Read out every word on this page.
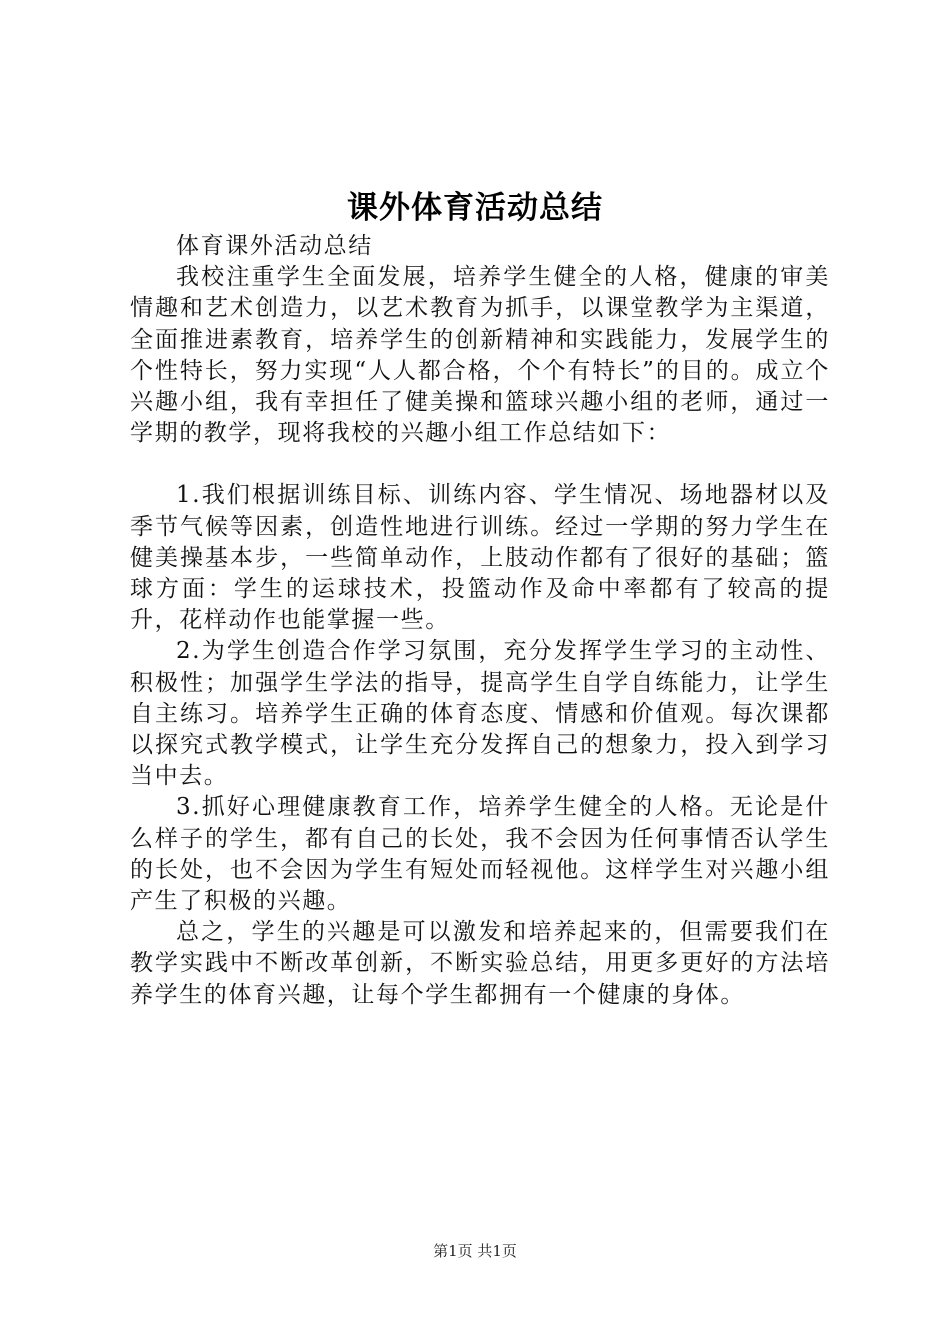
课外体育活动总结

体育课外活动总结

我校注重学生全面发展，培养学生健全的人格，健康的审美情趣和艺术创造力，以艺术教育为抓手，以课堂教学为主渠道，全面推进素教育，培养学生的创新精神和实践能力，发展学生的个性特长，努力实现“人人都合格，个个有特长”的目的。成立个兴趣小组，我有幸担任了健美操和篮球兴趣小组的老师，通过一学期的教学，现将我校的兴趣小组工作总结如下：

1.我们根据训练目标、训练内容、学生情况、场地器材以及季节气候等因素，创造性地进行训练。经过一学期的努力学生在健美操基本步，一些简单动作，上肢动作都有了很好的基础；篮球方面：学生的运球技术，投篮动作及命中率都有了较高的提升，花样动作也能掌握一些。

2.为学生创造合作学习氛围，充分发挥学生学习的主动性、积极性；加强学生学法的指导，提高学生自学自练能力，让学生自主练习。培养学生正确的体育态度、情感和价值观。每次课都以探究式教学模式，让学生充分发挥自己的想象力，投入到学习当中去。

3.抓好心理健康教育工作，培养学生健全的人格。无论是什么样子的学生，都有自己的长处，我不会因为任何事情否认学生的长处，也不会因为学生有短处而轻视他。这样学生对兴趣小组产生了积极的兴趣。

总之，学生的兴趣是可以激发和培养起来的，但需要我们在教学实践中不断改革创新，不断实验总结，用更多更好的方法培养学生的体育兴趣，让每个学生都拥有一个健康的身体。

第1页 共1页
